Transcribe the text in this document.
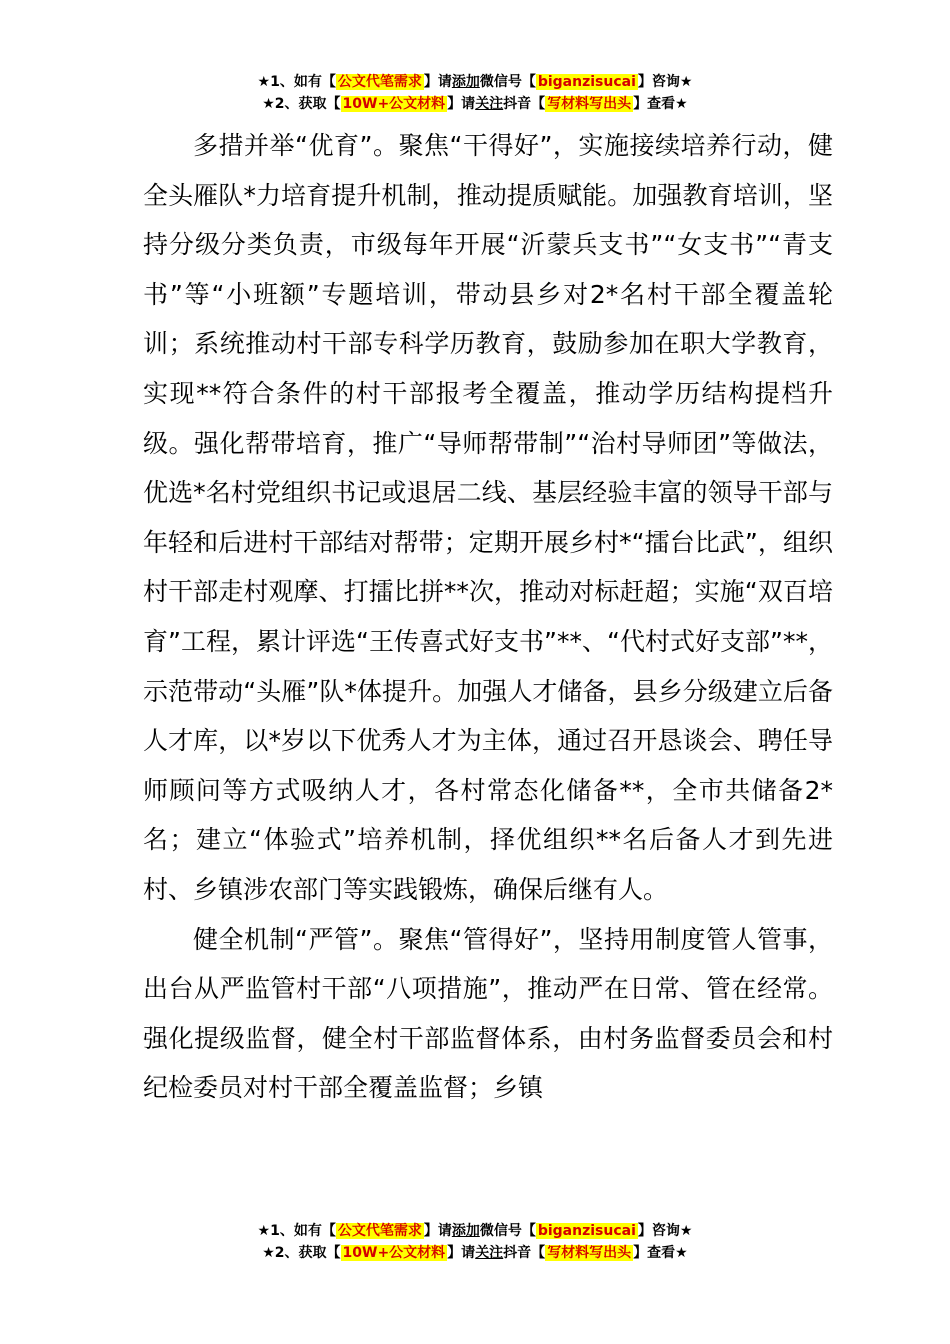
★1、如有【 公文代笔需求 】请添加微信号【 biganzisucai 】咨询★
★2、获取【 10W+公文材料 】请关注抖音【 写材料写出头 】查看★

多措并举“优育”。聚焦“干得好”，实施接续培养行动，健全头雁队*力培育提升机制，推动提质赋能。加强教育培训，坚持分级分类负责，市级每年开展“沂蒙兵支书”“女支书”“青支书”等“小班额”专题培训，带动县乡对2*名村干部全覆盖轮训；系统推动村干部专科学历教育，鼓励参加在职大学教育，实现**符合条件的村干部报考全覆盖，推动学历结构提档升级。强化帮带培育，推广“导师帮带制”“治村导师团”等做法，优选*名村党组织书记或退居二线、基层经验丰富的领导干部与年轻和后进村干部结对帮带；定期开展乡村*“擂台比武”，组织村干部走村观摩、打擂比拼**次，推动对标赶超；实施“双百培育”工程，累计评选“王传喜式好支书”**、“代村式好支部”**，示范带动“头雁”队*体提升。加强人才储备，县乡分级建立后备人才库，以*岁以下优秀人才为主体，通过召开恳谈会、聘任导师顾问等方式吸纳人才，各村常态化储备**，全市共储备2*名；建立“体验式”培养机制，择优组织**名后备人才到先进村、乡镇涉农部门等实践锻炼，确保后继有人。

健全机制“严管”。聚焦“管得好”，坚持用制度管人管事，出台从严监管村干部“八项措施”，推动严在日常、管在经常。强化提级监督，健全村干部监督体系，由村务监督委员会和村纪检委员对村干部全覆盖监督；乡镇

★1、如有【 公文代笔需求 】请添加微信号【 biganzisucai 】咨询★
★2、获取【 10W+公文材料 】请关注抖音【 写材料写出头 】查看★
